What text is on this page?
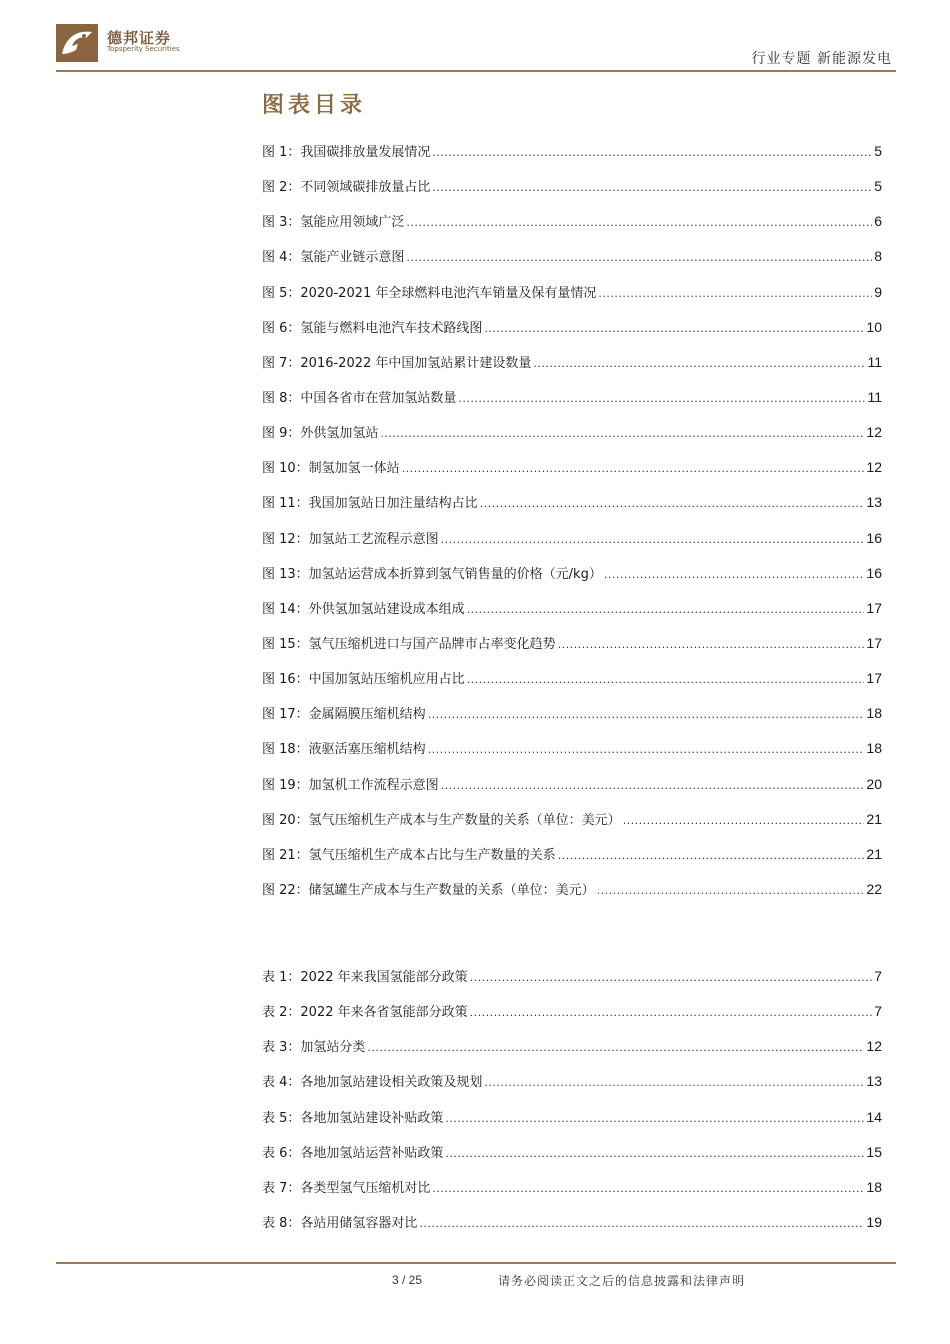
德邦证券
Topsperity Securities
行业专题 新能源发电
图表目录
图 1：我国碳排放量发展情况 .....	5
图 2：不同领域碳排放量占比 .....	5
图 3：氢能应用领域广泛 .....	6
图 4：氢能产业链示意图 .....	8
图 5：2020-2021 年全球燃料电池汽车销量及保有量情况 .....	9
图 6：氢能与燃料电池汽车技术路线图 .....	10
图 7：2016-2022 年中国加氢站累计建设数量 .....	11
图 8：中国各省市在营加氢站数量 .....	11
图 9：外供氢加氢站 .....	12
图 10：制氢加氢一体站 .....	12
图 11：我国加氢站日加注量结构占比 .....	13
图 12：加氢站工艺流程示意图 .....	16
图 13：加氢站运营成本折算到氢气销售量的价格（元/kg） .....	16
图 14：外供氢加氢站建设成本组成 .....	17
图 15：氢气压缩机进口与国产品牌市占率变化趋势 .....	17
图 16：中国加氢站压缩机应用占比 .....	17
图 17：金属隔膜压缩机结构 .....	18
图 18：液驱活塞压缩机结构 .....	18
图 19：加氢机工作流程示意图 .....	20
图 20：氢气压缩机生产成本与生产数量的关系（单位：美元） .....	21
图 21：氢气压缩机生产成本占比与生产数量的关系 .....	21
图 22：储氢罐生产成本与生产数量的关系（单位：美元） .....	22
表 1：2022 年来我国氢能部分政策 .....	7
表 2：2022 年来各省氢能部分政策 .....	7
表 3：加氢站分类 .....	12
表 4：各地加氢站建设相关政策及规划 .....	13
表 5：各地加氢站建设补贴政策 .....	14
表 6：各地加氢站运营补贴政策 .....	15
表 7：各类型氢气压缩机对比 .....	18
表 8：各站用储氢容器对比 .....	19
3 / 25	请务必阅读正文之后的信息披露和法律声明
